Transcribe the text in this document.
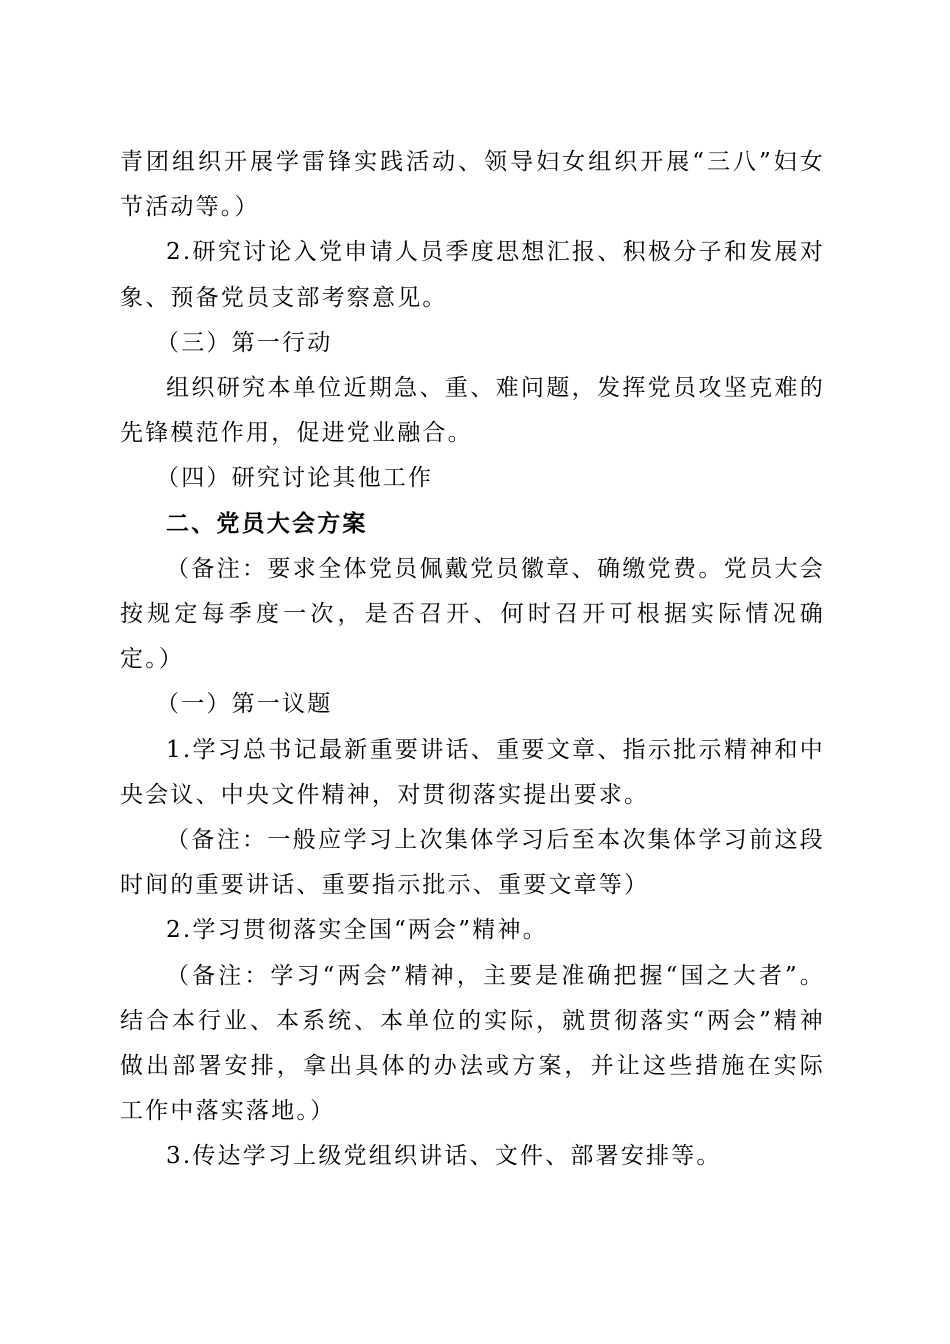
青团组织开展学雷锋实践活动、领导妇女组织开展“三八”妇女节活动等。）

2.研究讨论入党申请人员季度思想汇报、积极分子和发展对象、预备党员支部考察意见。

（三）第一行动

组织研究本单位近期急、重、难问题，发挥党员攻坚克难的先锋模范作用，促进党业融合。

（四）研究讨论其他工作

二、党员大会方案

（备注：要求全体党员佩戴党员徽章、确缴党费。党员大会按规定每季度一次，是否召开、何时召开可根据实际情况确定。）

（一）第一议题

1.学习总书记最新重要讲话、重要文章、指示批示精神和中央会议、中央文件精神，对贯彻落实提出要求。

（备注：一般应学习上次集体学习后至本次集体学习前这段时间的重要讲话、重要指示批示、重要文章等）

2.学习贯彻落实全国“两会”精神。

（备注：学习“两会”精神，主要是准确把握“国之大者”。结合本行业、本系统、本单位的实际，就贯彻落实“两会”精神做出部署安排，拿出具体的办法或方案，并让这些措施在实际工作中落实落地。）

3.传达学习上级党组织讲话、文件、部署安排等。
